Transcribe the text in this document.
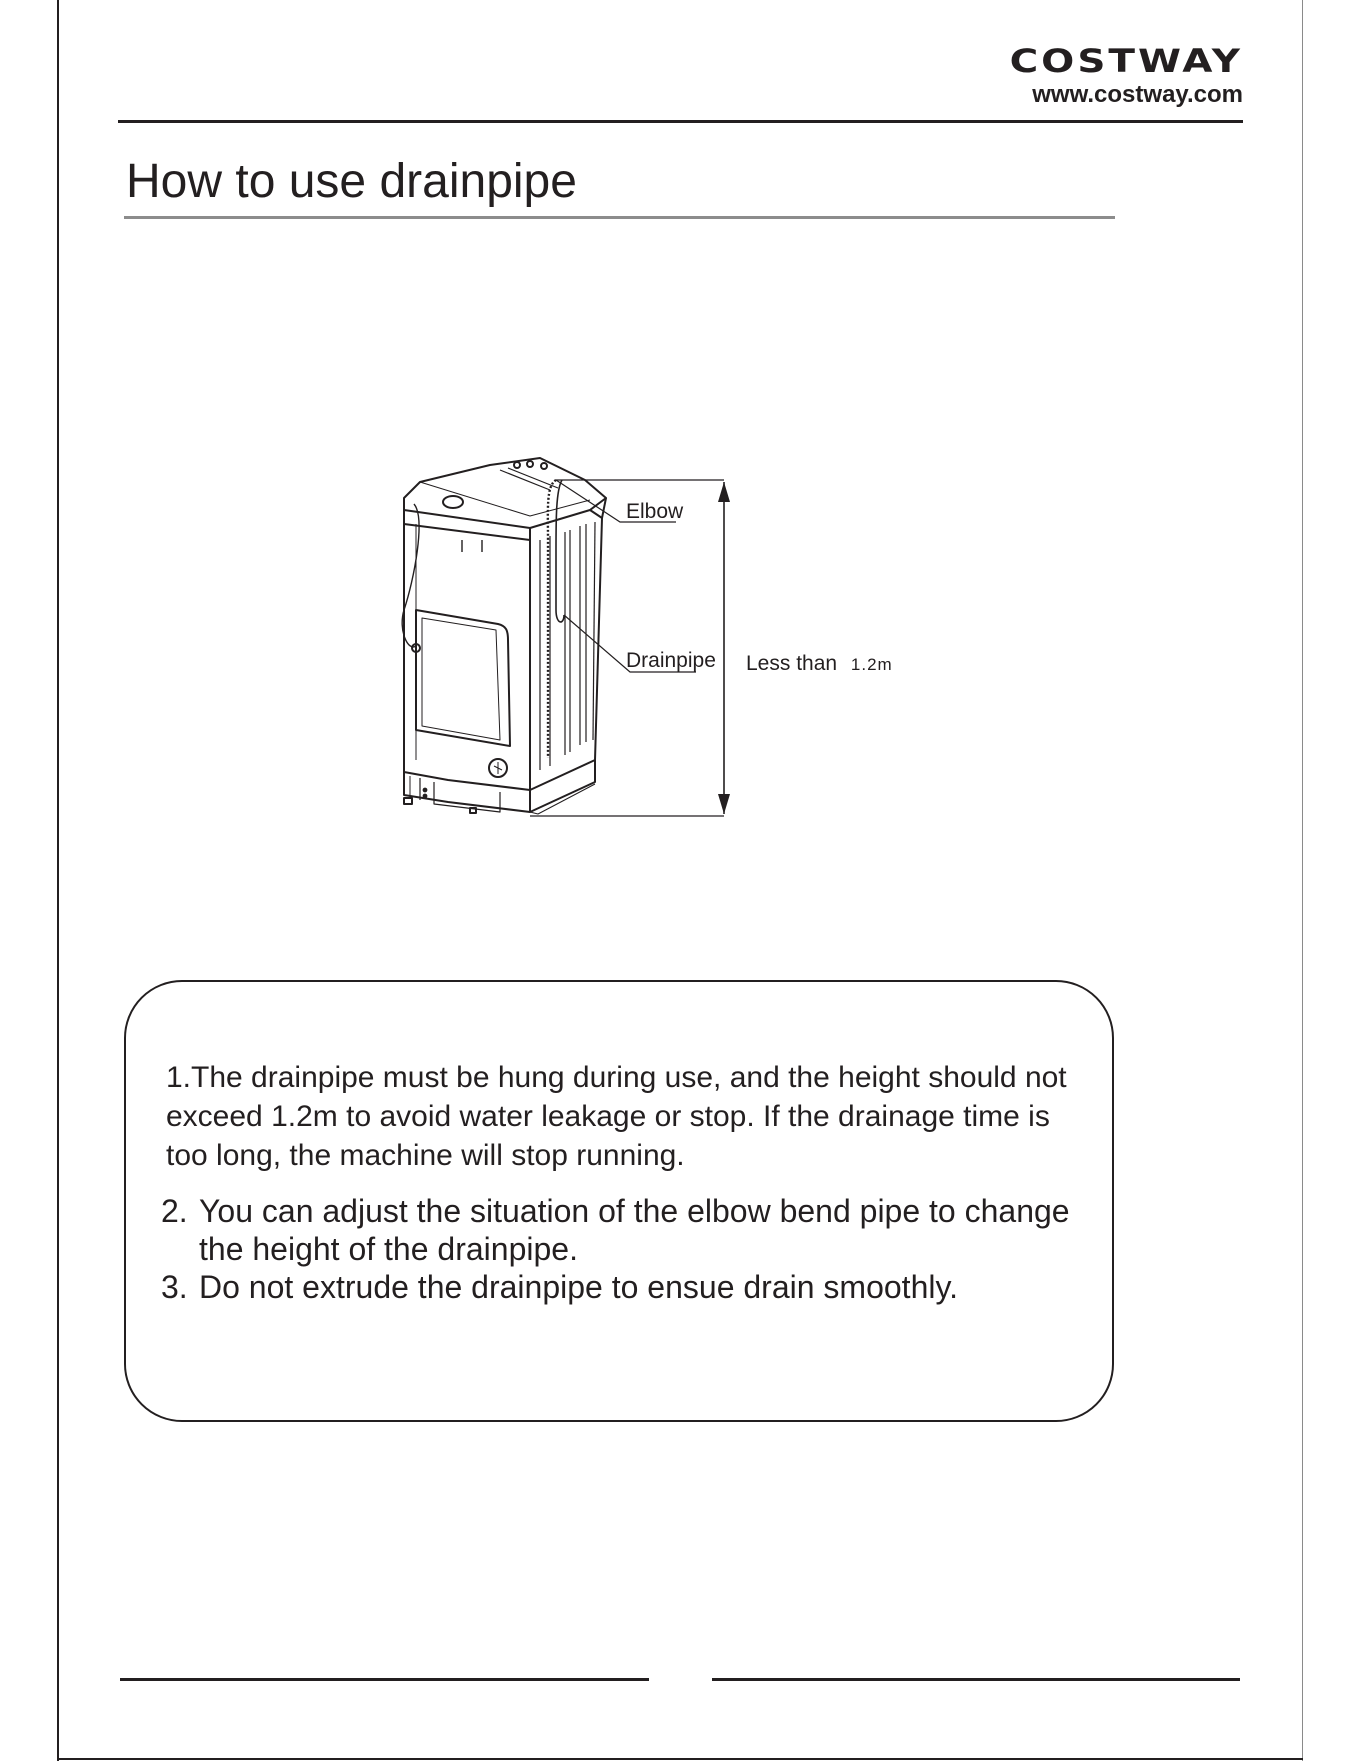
COSTWAY
www.costway.com
How to use drainpipe
Elbow
Drainpipe Less than 1.2m

1.The drainpipe must be hung during use, and the height should not exceed 1.2m to avoid water leakage or stop. If the drainage time is too long, the machine will stop running.

2. You can adjust the situation of the elbow bend pipe to change the height of the drainpipe.

3. Do not extrude the drainpipe to ensue drain smoothly.
